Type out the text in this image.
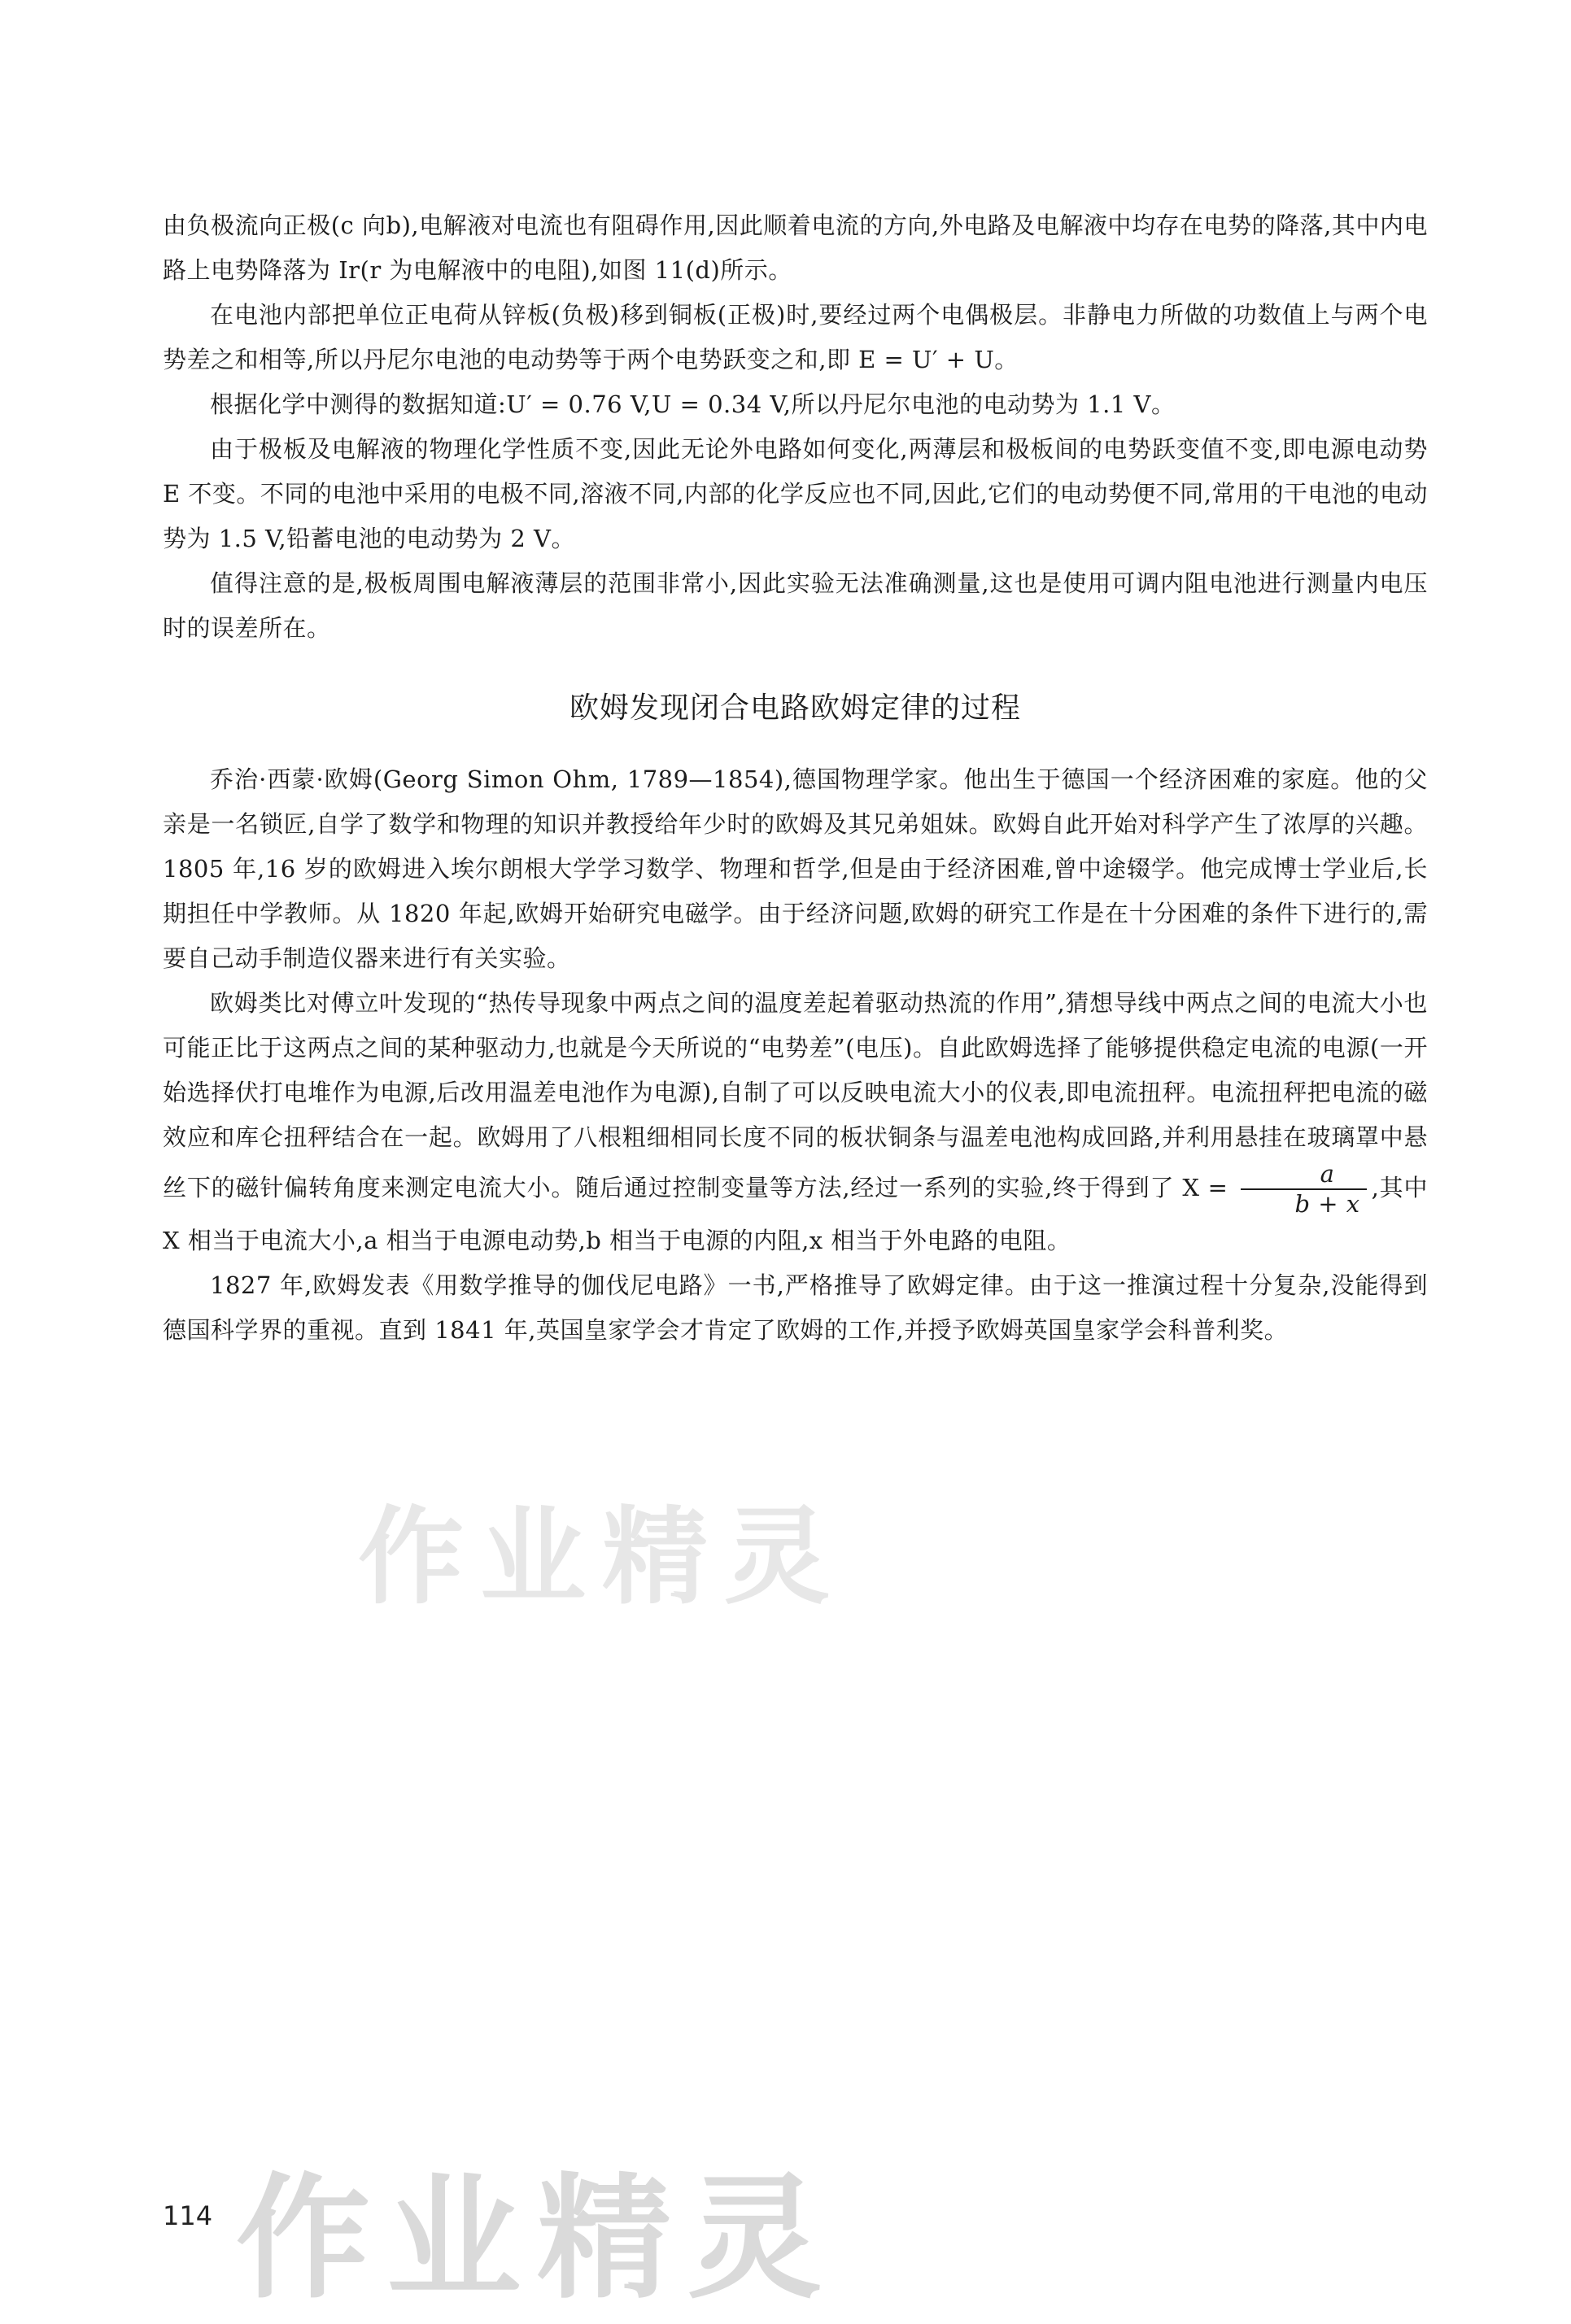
由负极流向正极(c 向b),电解液对电流也有阻碍作用,因此顺着电流的方向,外电路及电解液中均存在电势的降落,其中内电路上电势降落为 Ir(r 为电解液中的电阻),如图 11(d)所示。

在电池内部把单位正电荷从锌板(负极)移到铜板(正极)时,要经过两个电偶极层。非静电力所做的功数值上与两个电势差之和相等,所以丹尼尔电池的电动势等于两个电势跃变之和,即 E = U′ + U。

根据化学中测得的数据知道:U′ = 0.76 V,U = 0.34 V,所以丹尼尔电池的电动势为 1.1 V。

由于极板及电解液的物理化学性质不变,因此无论外电路如何变化,两薄层和极板间的电势跃变值不变,即电源电动势 E 不变。不同的电池中采用的电极不同,溶液不同,内部的化学反应也不同,因此,它们的电动势便不同,常用的干电池的电动势为 1.5 V,铅蓄电池的电动势为 2 V。

值得注意的是,极板周围电解液薄层的范围非常小,因此实验无法准确测量,这也是使用可调内阻电池进行测量内电压时的误差所在。

欧姆发现闭合电路欧姆定律的过程

乔治·西蒙·欧姆(Georg Simon Ohm, 1789—1854),德国物理学家。他出生于德国一个经济困难的家庭。他的父亲是一名锁匠,自学了数学和物理的知识并教授给年少时的欧姆及其兄弟姐妹。欧姆自此开始对科学产生了浓厚的兴趣。1805 年,16 岁的欧姆进入埃尔朗根大学学习数学、物理和哲学,但是由于经济困难,曾中途辍学。他完成博士学业后,长期担任中学教师。从 1820 年起,欧姆开始研究电磁学。由于经济问题,欧姆的研究工作是在十分困难的条件下进行的,需要自己动手制造仪器来进行有关实验。

欧姆类比对傅立叶发现的“热传导现象中两点之间的温度差起着驱动热流的作用”,猜想导线中两点之间的电流大小也可能正比于这两点之间的某种驱动力,也就是今天所说的“电势差”(电压)。自此欧姆选择了能够提供稳定电流的电源(一开始选择伏打电堆作为电源,后改用温差电池作为电源),自制了可以反映电流大小的仪表,即电流扭秤。电流扭秤把电流的磁效应和库仑扭秤结合在一起。欧姆用了八根粗细相同长度不同的板状铜条与温差电池构成回路,并利用悬挂在玻璃罩中悬丝下的磁针偏转角度来测定电流大小。随后通过控制变量等方法,经过一系列的实验,终于得到了 $X = \frac{a}{b + x}$ ,其中 X 相当于电流大小,a 相当于电源电动势,b 相当于电源的内阻,x 相当于外电路的电阻。

1827 年,欧姆发表《用数学推导的伽伐尼电路》一书,严格推导了欧姆定律。由于这一推演过程十分复杂,没能得到德国科学界的重视。直到 1841 年,英国皇家学会才肯定了欧姆的工作,并授予欧姆英国皇家学会科普利奖。

作业精灵
114 作业精灵
